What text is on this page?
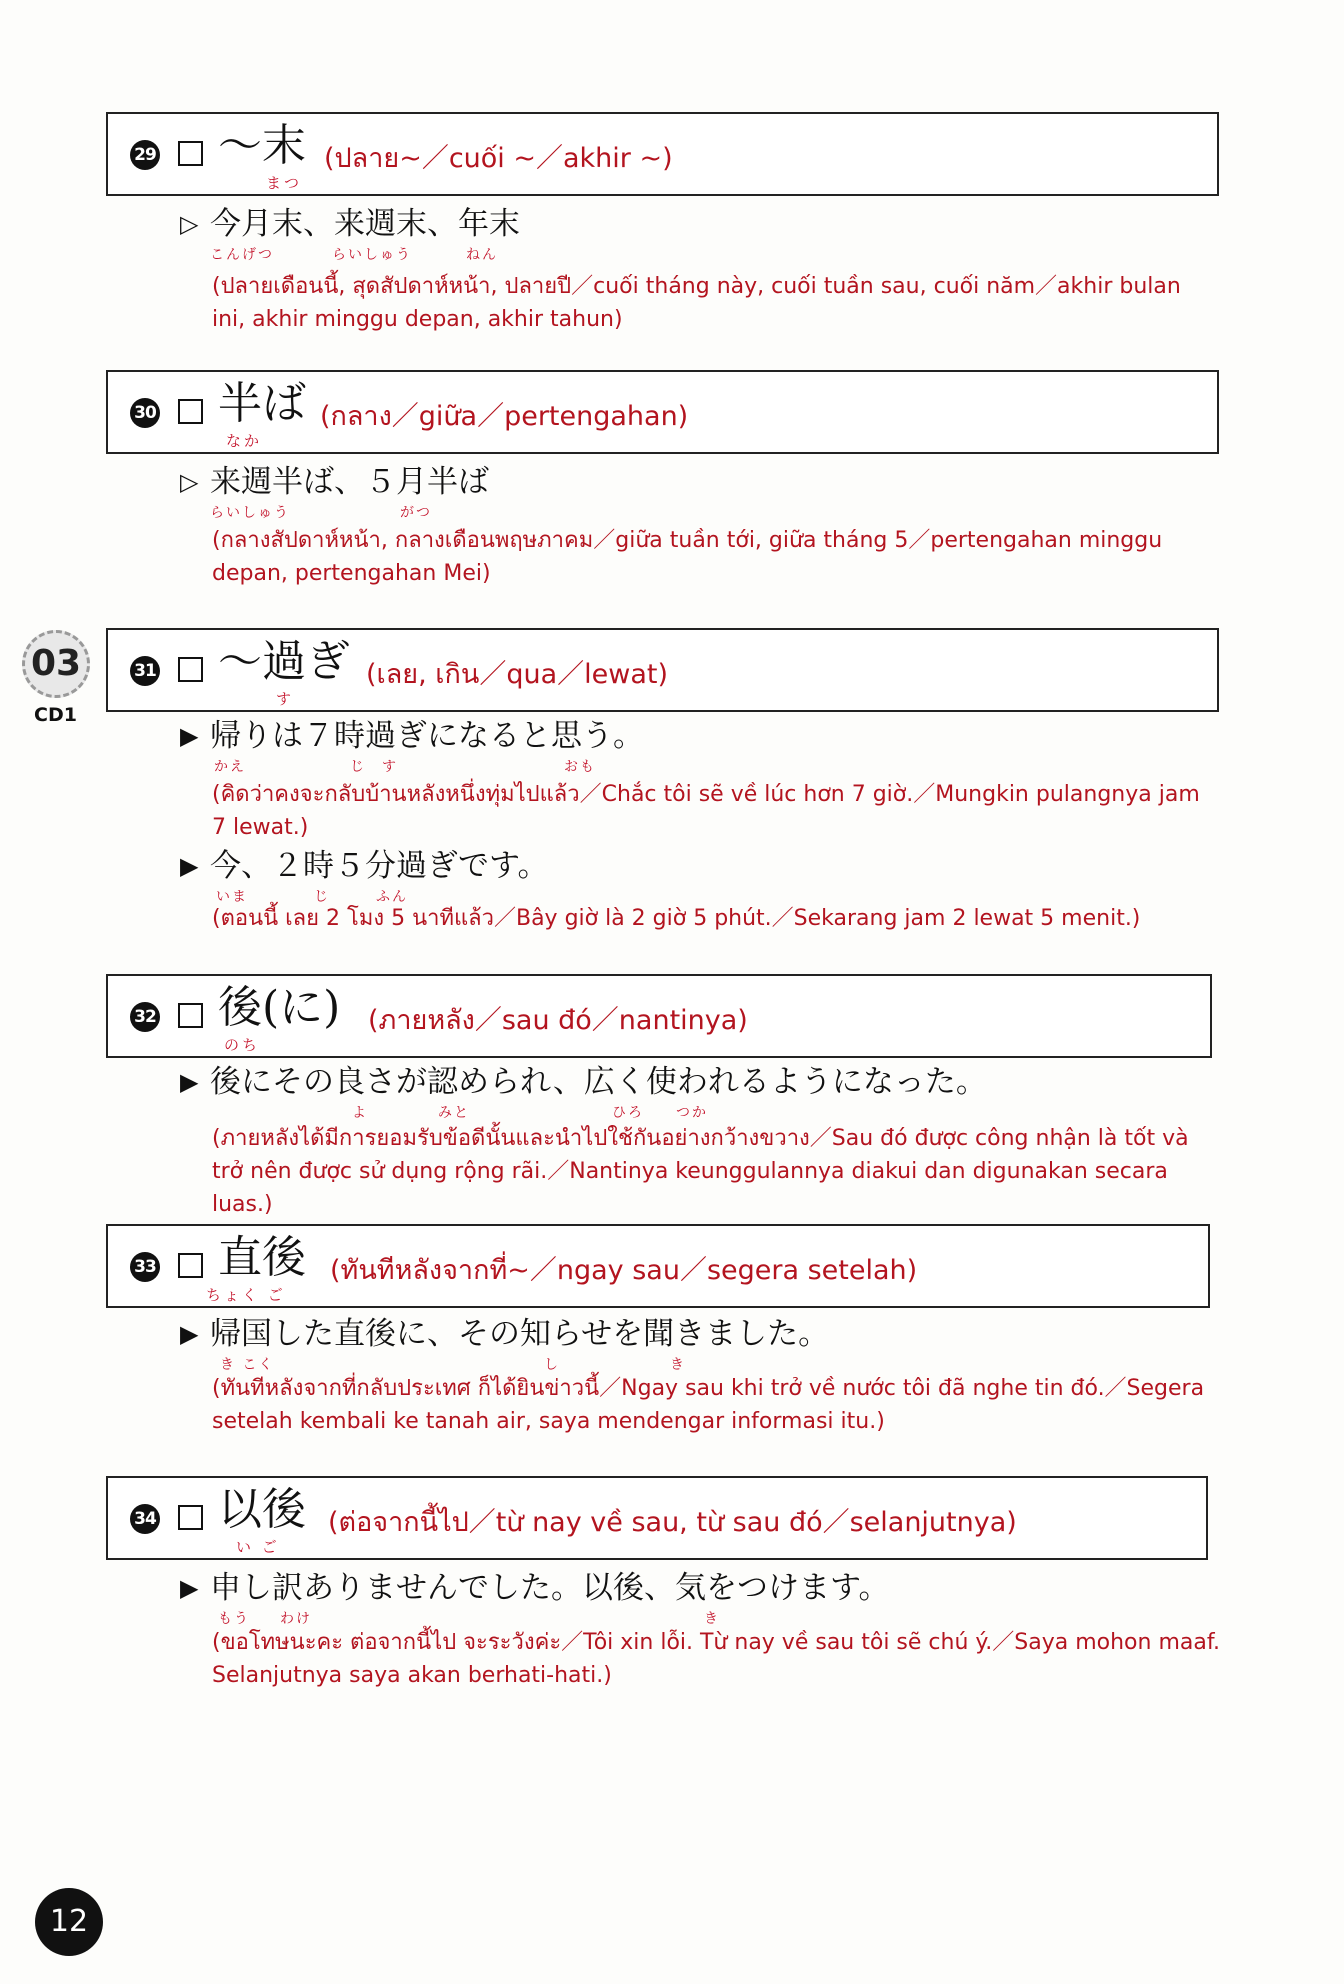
29 〜末
まつ
(ปลาย~／cuối ~／akhir ~)
▷ 今月末、来週末、年末
こんげつ	らいしゅう	ねん
(ปลายเดือนนี้, สุดสัปดาห์หน้า, ปลายปี／cuối tháng này, cuối tuần sau, cuối năm／akhir bulan ini, akhir minggu depan, akhir tahun)
30 半ば
なか
(กลาง／giữa／pertengahan)
▷ 来週半ば、５月半ば
らいしゅう	がつ
(กลางสัปดาห์หน้า, กลางเดือนพฤษภาคม／giữa tuần tới, giữa tháng 5／pertengahan minggu depan, pertengahan Mei)
03
CD1
31 〜過ぎ
す
(เลย, เกิน／qua／lewat)
▶ 帰りは７時過ぎになると思う。
かえ	じ す	おも
(คิดว่าคงจะกลับบ้านหลังหนึ่งทุ่มไปแล้ว／Chắc tôi sẽ về lúc hơn 7 giờ.／Mungkin pulangnya jam 7 lewat.)
▶ 今、２時５分過ぎです。
いま	じ	ふん
(ตอนนี้ เลย 2 โมง 5 นาทีแล้ว／Bây giờ là 2 giờ 5 phút.／Sekarang jam 2 lewat 5 menit.)
32 後(に)
のち
(ภายหลัง／sau đó／nantinya)
▶ 後にその良さが認められ、広く使われるようになった。
よ	みと	ひろ つか
(ภายหลังได้มีการยอมรับข้อดีนั้นและนำไปใช้กันอย่างกว้างขวาง／Sau đó được công nhận là tốt và trở nên được sử dụng rộng rãi.／Nantinya keunggulannya diakui dan digunakan secara luas.)
33 直後
ちょく ご
(ทันทีหลังจากที่~／ngay sau／segera setelah)
▶ 帰国した直後に、その知らせを聞きました。
き こく	し	き
(ทันทีหลังจากที่กลับประเทศ ก็ได้ยินข่าวนี้／Ngay sau khi trở về nước tôi đã nghe tin đó.／Segera setelah kembali ke tanah air, saya mendengar informasi itu.)
34 以後
い ご
(ต่อจากนี้ไป／từ nay về sau, từ sau đó／selanjutnya)
▶ 申し訳ありませんでした。以後、気をつけます。
もう わけ	き
(ขอโทษนะคะ ต่อจากนี้ไป จะระวังค่ะ／Tôi xin lỗi. Từ nay về sau tôi sẽ chú ý.／Saya mohon maaf. Selanjutnya saya akan berhati-hati.)
12
